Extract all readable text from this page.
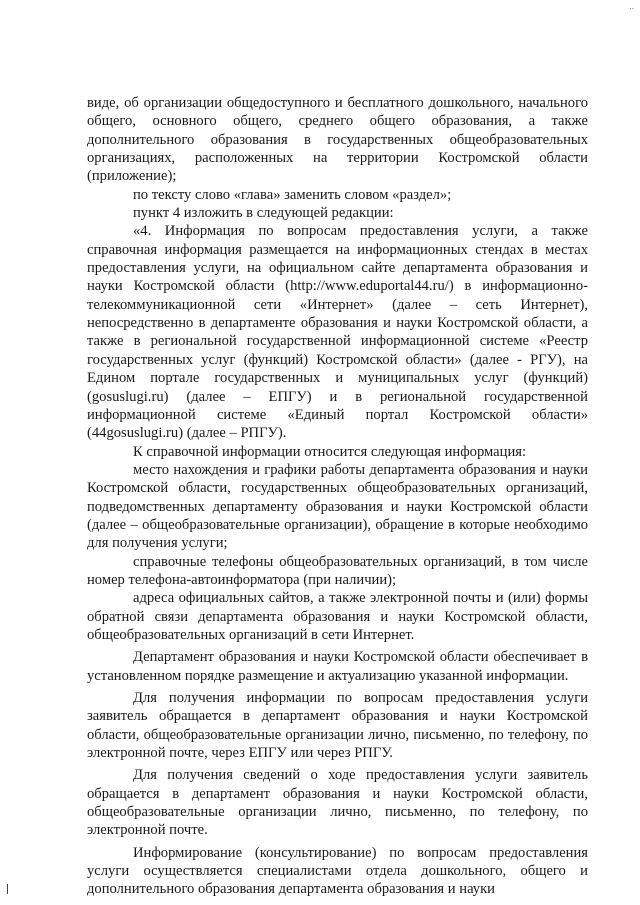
..

виде, об организации общедоступного и бесплатного дошкольного, начального общего, основного общего, среднего общего образования, а также дополнительного образования в государственных общеобразовательных организациях, расположенных на территории Костромской области (приложение);

по тексту слово «глава» заменить словом «раздел»;

пункт 4 изложить в следующей редакции:

«4. Информация по вопросам предоставления услуги, а также справочная информация размещается на информационных стендах в местах предоставления услуги, на официальном сайте департамента образования и науки Костромской области (http://www.eduportal44.ru/) в информационно-телекоммуникационной сети «Интернет» (далее – сеть Интернет), непосредственно в департаменте образования и науки Костромской области, а также в региональной государственной информационной системе «Реестр государственных услуг (функций) Костромской области» (далее - РГУ), на Едином портале государственных и муниципальных услуг (функций) (gosuslugi.ru) (далее – ЕПГУ) и в региональной государственной информационной системе «Единый портал Костромской области» (44gosuslugi.ru) (далее – РПГУ).

К справочной информации относится следующая информация:

место нахождения и графики работы департамента образования и науки Костромской области, государственных общеобразовательных организаций, подведомственных департаменту образования и науки Костромской области (далее – общеобразовательные организации), обращение в которые необходимо для получения услуги;

справочные телефоны общеобразовательных организаций, в том числе номер телефона-автоинформатора (при наличии);

адреса официальных сайтов, а также электронной почты и (или) формы обратной связи департамента образования и науки Костромской области, общеобразовательных организаций в сети Интернет.

Департамент образования и науки Костромской области обеспечивает в установленном порядке размещение и актуализацию указанной информации.

Для получения информации по вопросам предоставления услуги заявитель обращается в департамент образования и науки Костромской области, общеобразовательные организации лично, письменно, по телефону, по электронной почте, через ЕПГУ или через РПГУ.

Для получения сведений о ходе предоставления услуги заявитель обращается в департамент образования и науки Костромской области, общеобразовательные организации лично, письменно, по телефону, по электронной почте.

Информирование (консультирование) по вопросам предоставления услуги осуществляется специалистами отдела дошкольного, общего и дополнительного образования департамента образования и науки
